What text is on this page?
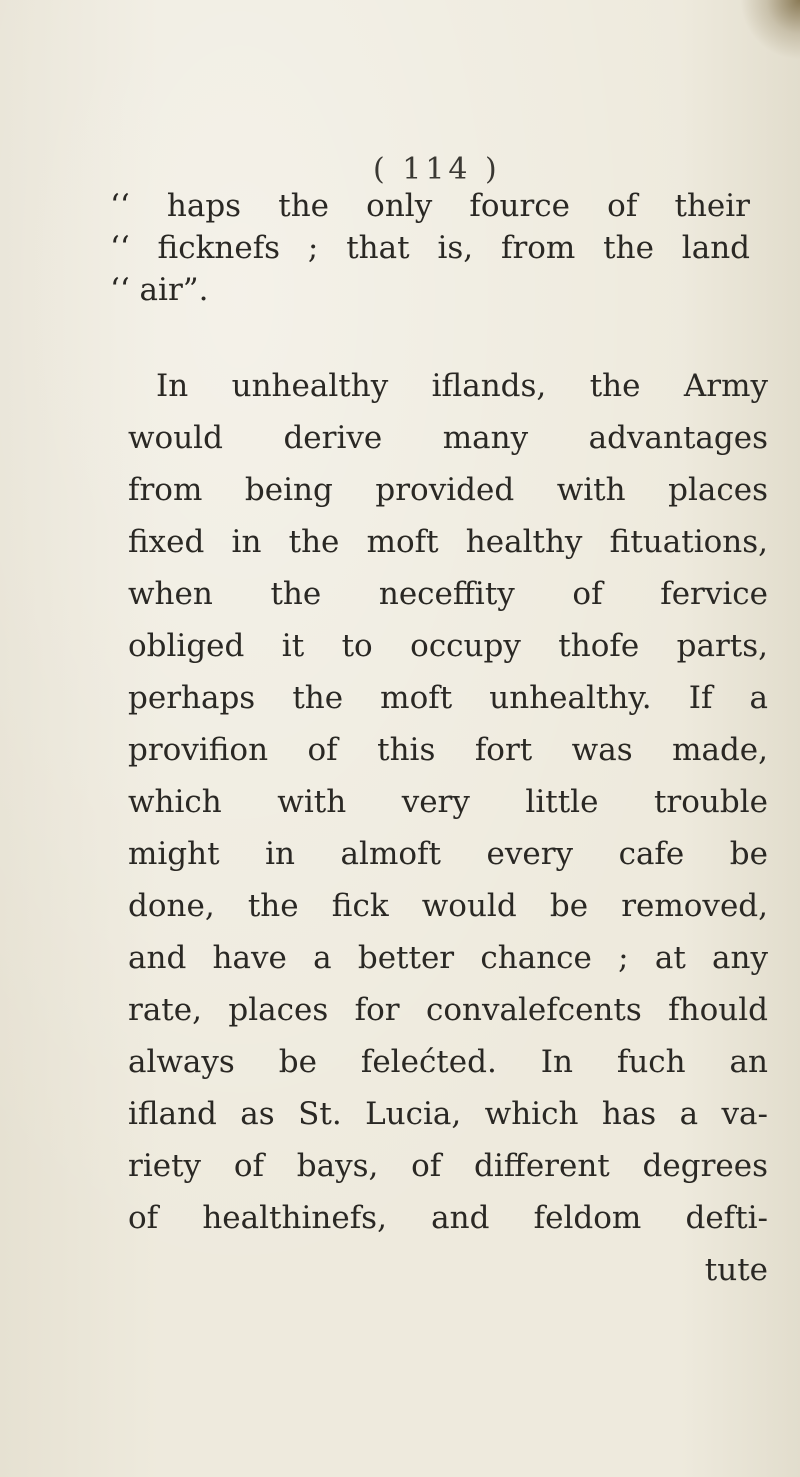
( 114 )
‘‘ haps the only fource of their
‘‘ ficknefs ; that is, from the land
‘‘ air”.
In unhealthy iflands, the Army
would derive many advantages
from being provided with places
fixed in the moft healthy fituations,
when the neceffity of fervice
obliged it to occupy thofe parts,
perhaps the moft unhealthy. If a
provifion of this fort was made,
which with very little trouble
might in almoft every cafe be
done, the fick would be removed,
and have a better chance ; at any
rate, places for convalefcents fhould
always be felećted. In fuch an
ifland as St. Lucia, which has a va-
riety of bays, of different degrees
of healthinefs, and feldom defti-
tute
